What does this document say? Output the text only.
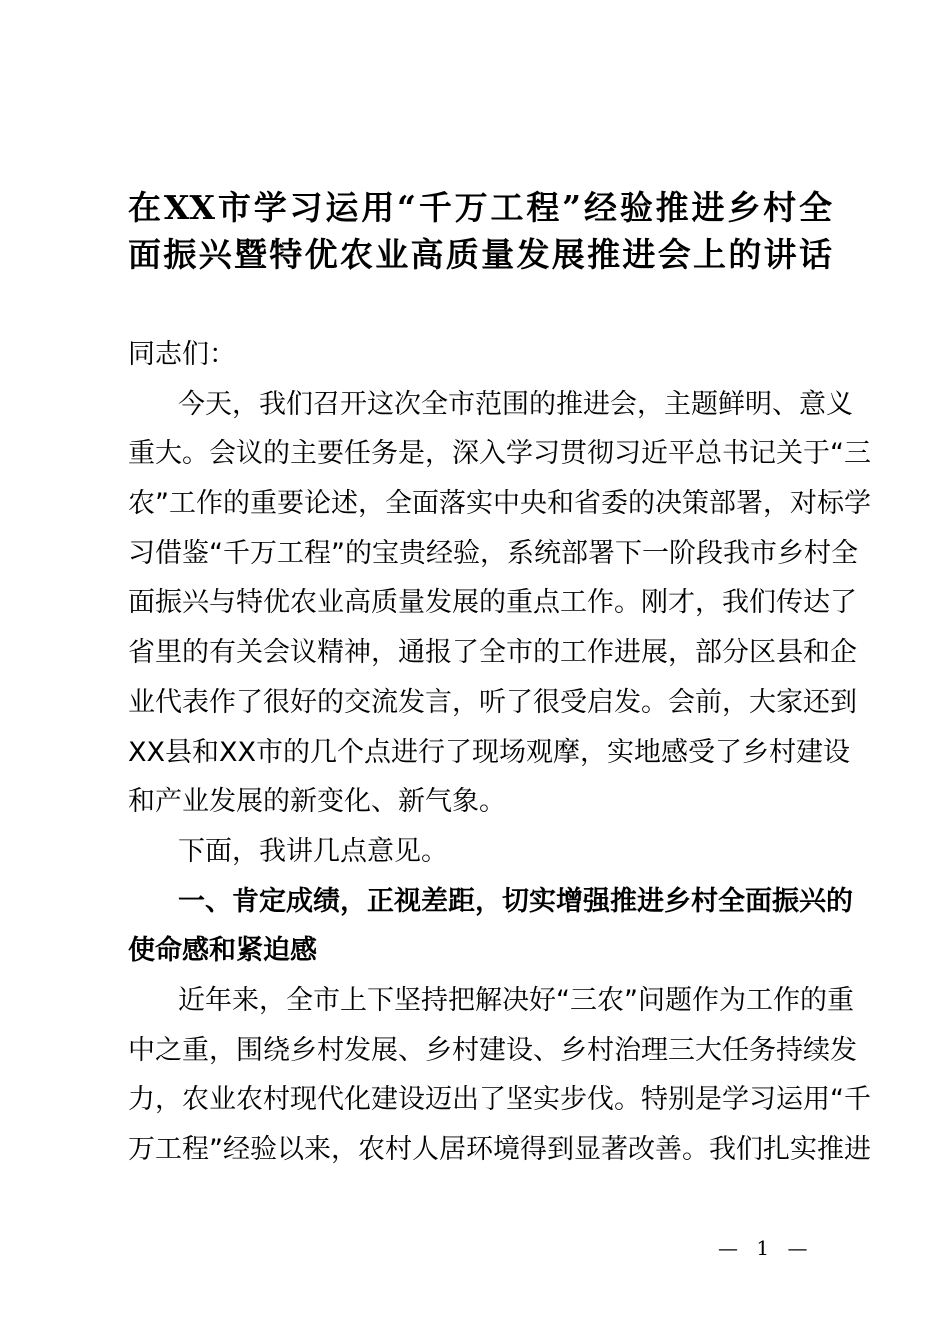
在XX市学习运用“千万工程”经验推进乡村全
面振兴暨特优农业高质量发展推进会上的讲话
同志们：
今天，我们召开这次全市范围的推进会，主题鲜明、意义
重大。会议的主要任务是，深入学习贯彻习近平总书记关于“三
农”工作的重要论述，全面落实中央和省委的决策部署，对标学
习借鉴“千万工程”的宝贵经验，系统部署下一阶段我市乡村全
面振兴与特优农业高质量发展的重点工作。刚才，我们传达了
省里的有关会议精神，通报了全市的工作进展，部分区县和企
业代表作了很好的交流发言，听了很受启发。会前，大家还到
XX县和XX市的几个点进行了现场观摩，实地感受了乡村建设
和产业发展的新变化、新气象。
下面，我讲几点意见。
一、肯定成绩，正视差距，切实增强推进乡村全面振兴的
使命感和紧迫感
近年来，全市上下坚持把解决好“三农”问题作为工作的重
中之重，围绕乡村发展、乡村建设、乡村治理三大任务持续发
力，农业农村现代化建设迈出了坚实步伐。特别是学习运用“千
万工程”经验以来，农村人居环境得到显著改善。我们扎实推进
— 1 —
